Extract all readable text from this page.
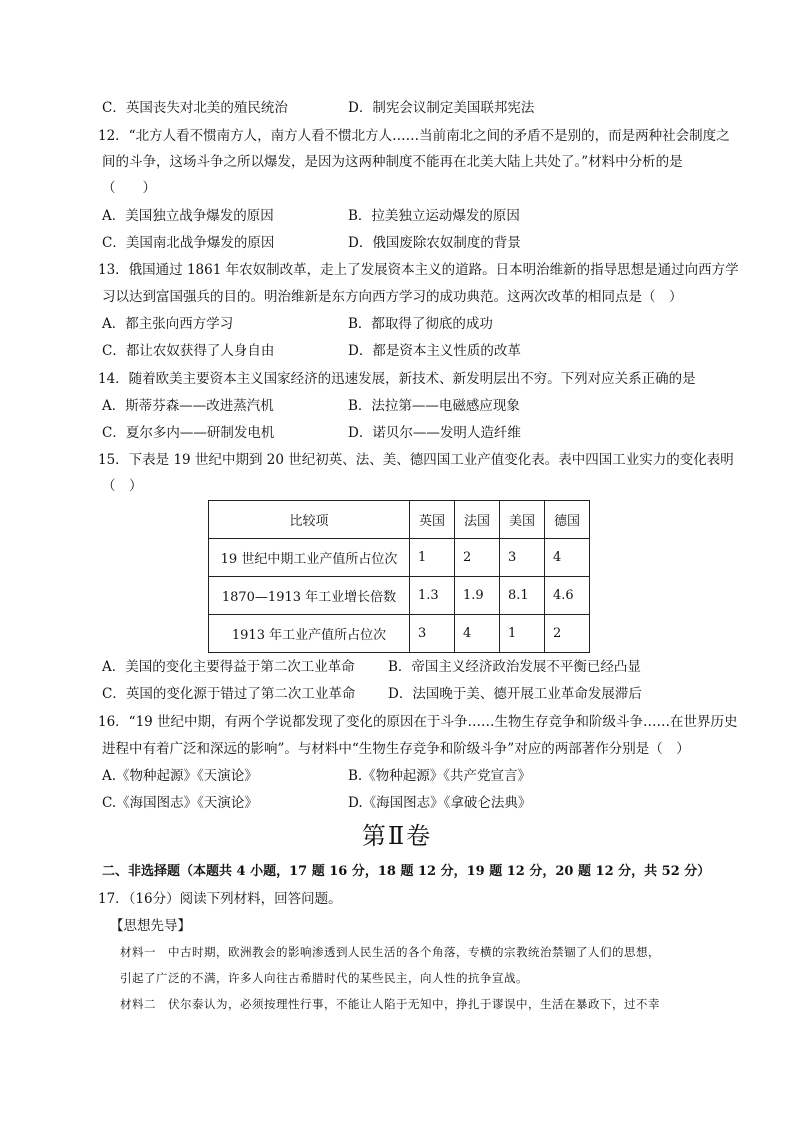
C．英国丧失对北美的殖民统治	D．制宪会议制定美国联邦宪法
12．“北方人看不惯南方人，南方人看不惯北方人……当前南北之间的矛盾不是别的，而是两种社会制度之
间的斗争，这场斗争之所以爆发，是因为这两种制度不能再在北美大陆上共处了。”材料中分析的是
（　　）
A．美国独立战争爆发的原因	B．拉美独立运动爆发的原因
C．美国南北战争爆发的原因	D．俄国废除农奴制度的背景
13．俄国通过 1861 年农奴制改革，走上了发展资本主义的道路。日本明治维新的指导思想是通过向西方学
习以达到富国强兵的目的。明治维新是东方向西方学习的成功典范。这两次改革的相同点是（　）
A．都主张向西方学习	B．都取得了彻底的成功
C．都让农奴获得了人身自由	D．都是资本主义性质的改革
14．随着欧美主要资本主义国家经济的迅速发展，新技术、新发明层出不穷。下列对应关系正确的是
A．斯蒂芬森——改进蒸汽机	B．法拉第——电磁感应现象
C．夏尔多内——研制发电机	D．诺贝尔——发明人造纤维
15．下表是 19 世纪中期到 20 世纪初英、法、美、德四国工业产值变化表。表中四国工业实力的变化表明
（　）
比较项	英国	法国	美国	德国
19 世纪中期工业产值所占位次	1	2	3	4
1870—1913 年工业增长倍数	1.3	1.9	8.1	4.6
1913 年工业产值所占位次	3	4	1	2
A．美国的变化主要得益于第二次工业革命 B．帝国主义经济政治发展不平衡已经凸显
C．英国的变化源于错过了第二次工业革命 D．法国晚于美、德开展工业革命发展滞后
16．“19 世纪中期，有两个学说都发现了变化的原因在于斗争……生物生存竞争和阶级斗争……在世界历史
进程中有着广泛和深远的影响”。与材料中“生物生存竞争和阶级斗争”对应的两部著作分别是（　）
A.《物种起源》《天演论》	B.《物种起源》《共产党宣言》
C.《海国图志》《天演论》	D.《海国图志》《拿破仑法典》
第Ⅱ卷
二、非选择题（本题共 4 小题，17 题 16 分，18 题 12 分，19 题 12 分，20 题 12 分，共 52 分）
17．（16分）阅读下列材料，回答问题。
【思想先导】
材料一　中古时期，欧洲教会的影响渗透到人民生活的各个角落，专横的宗教统治禁锢了人们的思想，
引起了广泛的不满，许多人向往古希腊时代的某些民主，向人性的抗争宣战。
材料二　伏尔泰认为，必须按理性行事，不能让人陷于无知中，挣扎于谬误中，生活在暴政下，过不幸
